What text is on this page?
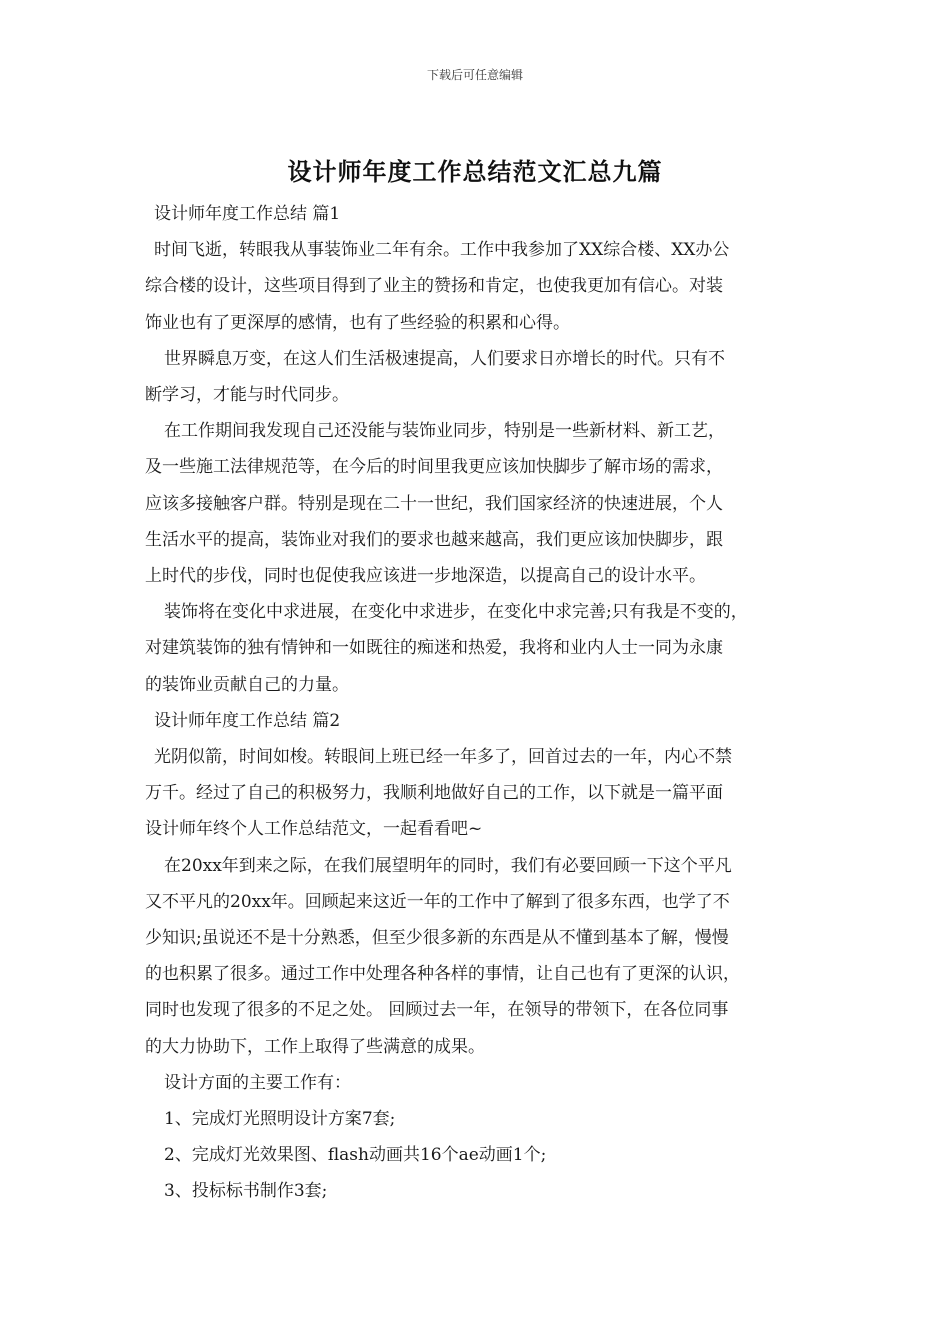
下载后可任意编辑
设计师年度工作总结范文汇总九篇
设计师年度工作总结 篇1
时间飞逝，转眼我从事装饰业二年有余。工作中我参加了XX综合楼、XX办公
综合楼的设计，这些项目得到了业主的赞扬和肯定，也使我更加有信心。对装
饰业也有了更深厚的感情，也有了些经验的积累和心得。
世界瞬息万变，在这人们生活极速提高，人们要求日亦增长的时代。只有不
断学习，才能与时代同步。
在工作期间我发现自己还没能与装饰业同步，特别是一些新材料、新工艺，
及一些施工法律规范等，在今后的时间里我更应该加快脚步了解市场的需求，
应该多接触客户群。特别是现在二十一世纪，我们国家经济的快速进展，个人
生活水平的提高，装饰业对我们的要求也越来越高，我们更应该加快脚步，跟
上时代的步伐，同时也促使我应该进一步地深造，以提高自己的设计水平。
装饰将在变化中求进展，在变化中求进步，在变化中求完善;只有我是不变的，
对建筑装饰的独有情钟和一如既往的痴迷和热爱，我将和业内人士一同为永康
的装饰业贡献自己的力量。
设计师年度工作总结 篇2
光阴似箭，时间如梭。转眼间上班已经一年多了，回首过去的一年，内心不禁
万千。经过了自己的积极努力，我顺利地做好自己的工作，以下就是一篇平面
设计师年终个人工作总结范文，一起看看吧~
在20xx年到来之际，在我们展望明年的同时，我们有必要回顾一下这个平凡
又不平凡的20xx年。回顾起来这近一年的工作中了解到了很多东西，也学了不
少知识;虽说还不是十分熟悉，但至少很多新的东西是从不懂到基本了解，慢慢
的也积累了很多。通过工作中处理各种各样的事情，让自己也有了更深的认识，
同时也发现了很多的不足之处。 回顾过去一年，在领导的带领下，在各位同事
的大力协助下，工作上取得了些满意的成果。
设计方面的主要工作有：
1、完成灯光照明设计方案7套;
2、完成灯光效果图、flash动画共16个ae动画1个;
3、投标标书制作3套;
